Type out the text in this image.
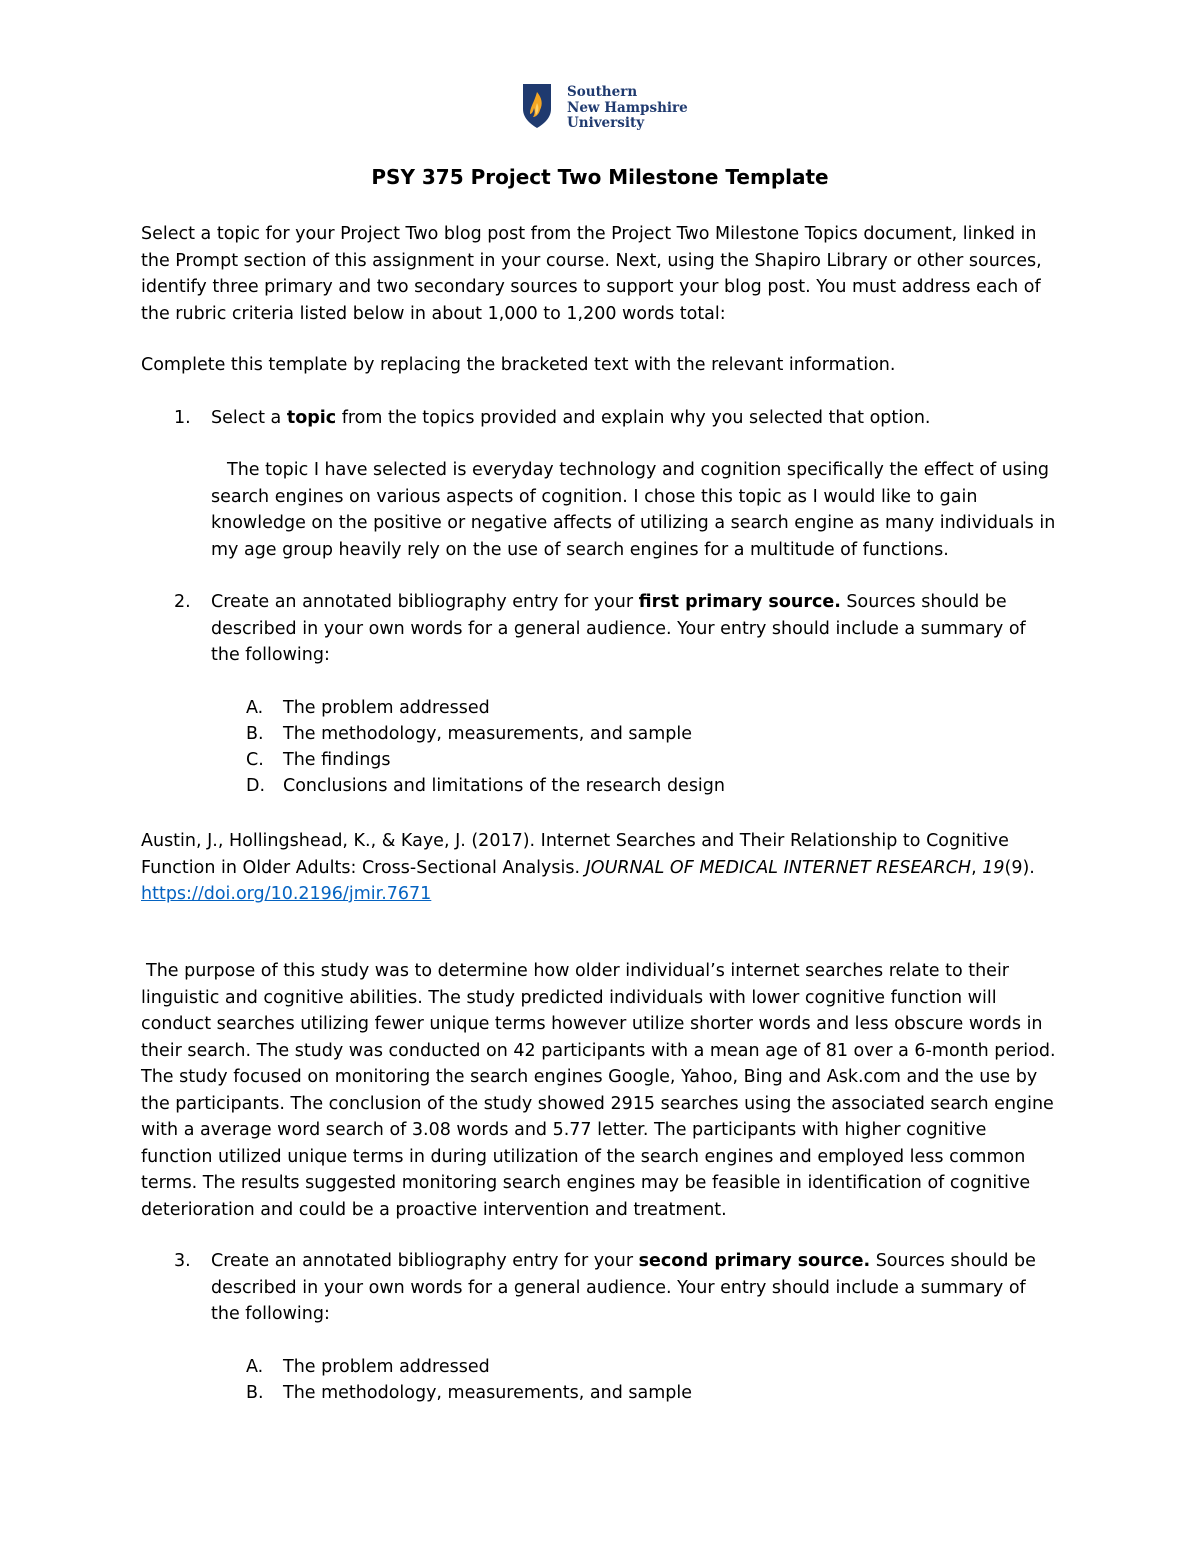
Southern
New Hampshire
University
PSY 375 Project Two Milestone Template
Select a topic for your Project Two blog post from the Project Two Milestone Topics document, linked in
the Prompt section of this assignment in your course. Next, using the Shapiro Library or other sources,
identify three primary and two secondary sources to support your blog post. You must address each of
the rubric criteria listed below in about 1,000 to 1,200 words total:
Complete this template by replacing the bracketed text with the relevant information.
1. Select a topic from the topics provided and explain why you selected that option.
The topic I have selected is everyday technology and cognition specifically the effect of using
search engines on various aspects of cognition. I chose this topic as I would like to gain
knowledge on the positive or negative affects of utilizing a search engine as many individuals in
my age group heavily rely on the use of search engines for a multitude of functions.
2. Create an annotated bibliography entry for your first primary source. Sources should be
described in your own words for a general audience. Your entry should include a summary of
the following:
A. The problem addressed
B. The methodology, measurements, and sample
C. The findings
D. Conclusions and limitations of the research design
Austin, J., Hollingshead, K., & Kaye, J. (2017). Internet Searches and Their Relationship to Cognitive
Function in Older Adults: Cross-Sectional Analysis. JOURNAL OF MEDICAL INTERNET RESEARCH, 19(9).
https://doi.org/10.2196/jmir.7671
The purpose of this study was to determine how older individual’s internet searches relate to their
linguistic and cognitive abilities. The study predicted individuals with lower cognitive function will
conduct searches utilizing fewer unique terms however utilize shorter words and less obscure words in
their search. The study was conducted on 42 participants with a mean age of 81 over a 6-month period.
The study focused on monitoring the search engines Google, Yahoo, Bing and Ask.com and the use by
the participants. The conclusion of the study showed 2915 searches using the associated search engine
with a average word search of 3.08 words and 5.77 letter. The participants with higher cognitive
function utilized unique terms in during utilization of the search engines and employed less common
terms. The results suggested monitoring search engines may be feasible in identification of cognitive
deterioration and could be a proactive intervention and treatment.
3. Create an annotated bibliography entry for your second primary source. Sources should be
described in your own words for a general audience. Your entry should include a summary of
the following:
A. The problem addressed
B. The methodology, measurements, and sample
